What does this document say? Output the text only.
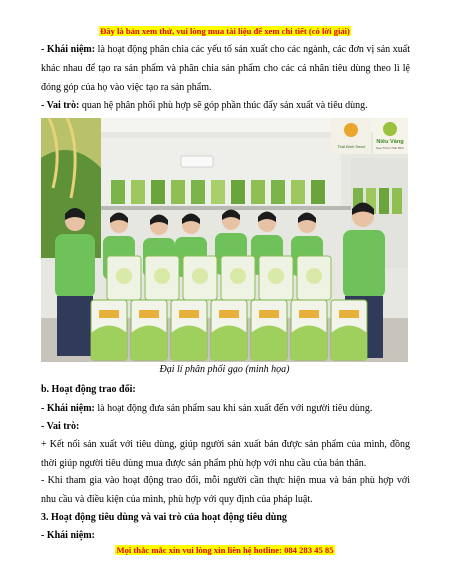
Đây là bản xem thử, vui lòng mua tài liệu để xem chi tiết (có lời giải)
- Khái niệm: là hoạt động phân chia các yếu tố sản xuất cho các ngành, các đơn vị sản xuất khác nhau để tạo ra sản phẩm và phân chia sản phẩm cho các cá nhân tiêu dùng theo lì lệ đóng góp của họ vào việc tạo ra sản phẩm.
- Vai trò: quan hệ phân phối phù hợp sẽ góp phần thúc đẩy sản xuất và tiêu dùng.
Thái Bình Seed
Niêu Vàng
Gạo Thơm Thái Bình
Đại lí phân phối gạo (minh họa)
b. Hoạt động trao đổi:
- Khái niệm: là hoạt động đưa sản phẩm sau khi sản xuất đến với người tiêu dùng.
- Vai trò:
+ Kết nối sản xuất với tiêu dùng, giúp người sản xuất bán được sản phẩm của mình, đồng thời giúp người tiêu dùng mua được sản phẩm phù hợp với nhu cầu của bản thân.
- Khi tham gia vào hoạt động trao đổi, mỗi người cần thực hiện mua và bán phù hợp với nhu cầu và điều kiện của mình, phù hợp với quy định của pháp luật.
3. Hoạt động tiêu dùng và vai trò của hoạt động tiêu dùng
- Khái niệm:
Mọi thắc mắc xin vui lòng xin liên hệ hotline: 084 283 45 85
